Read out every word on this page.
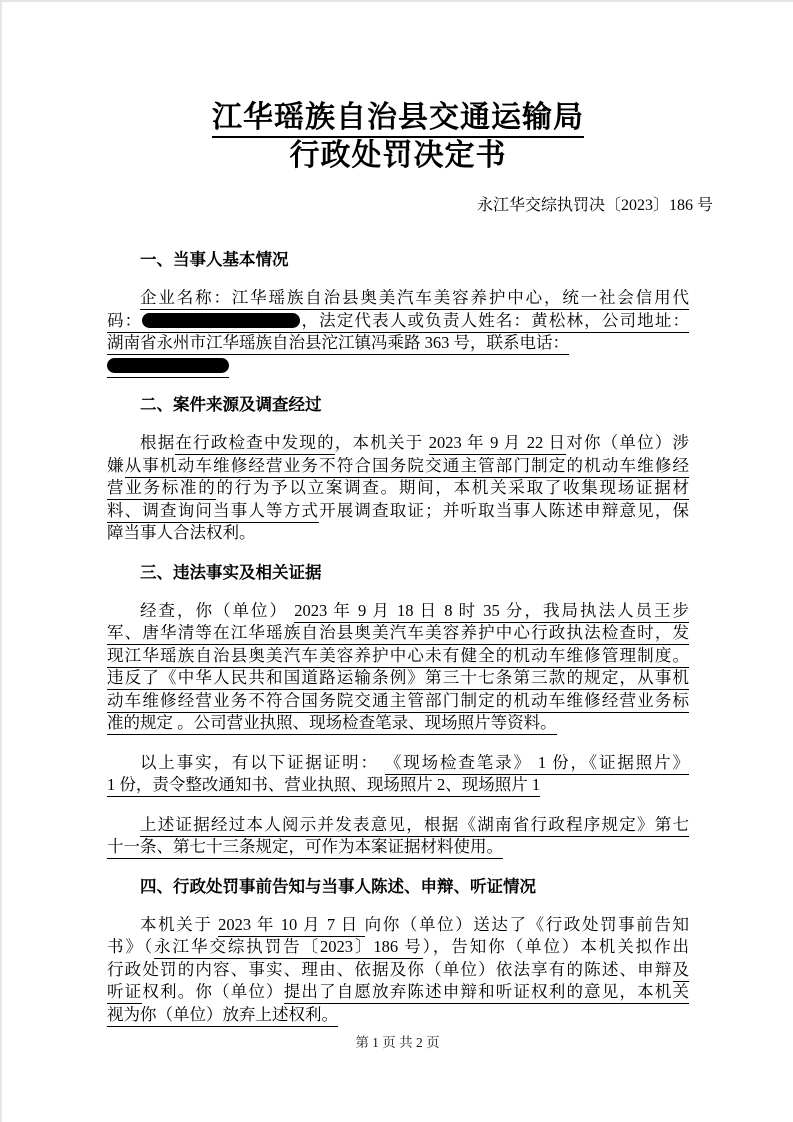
江华瑶族自治县交通运输局
行政处罚决定书
永江华交综执罚决〔2023〕186 号
一、当事人基本情况
企业名称：江华瑶族自治县奥美汽车美容养护中心，统一社会信用代
码：	，法定代表人或负责人姓名：黄松林，公司地址：
湖南省永州市江华瑶族自治县沱江镇冯乘路 363 号，联系电话：
二、案件来源及调查经过
根据在行政检查中发现的，本机关于 2023 年 9 月 22 日对你（单位）涉
嫌从事机动车维修经营业务不符合国务院交通主管部门制定的机动车维修经
营业务标准的的行为予以立案调查。期间，本机关采取了收集现场证据材
料、调查询问当事人等方式开展调查取证；并听取当事人陈述申辩意见，保
障当事人合法权利。
三、违法事实及相关证据
经查，你（单位） 2023 年 9 月 18 日 8 时 35 分，我局执法人员王步
军、唐华清等在江华瑶族自治县奥美汽车美容养护中心行政执法检查时，发
现江华瑶族自治县奥美汽车美容养护中心未有健全的机动车维修管理制度。
违反了《中华人民共和国道路运输条例》第三十七条第三款的规定，从事机
动车维修经营业务不符合国务院交通主管部门制定的机动车维修经营业务标
准的规定 。公司营业执照、现场检查笔录、现场照片等资料。
以上事实，有以下证据证明： 《现场检查笔录》 1 份，《证据照片》
1 份，责令整改通知书、营业执照、现场照片 2、现场照片 1
上述证据经过本人阅示并发表意见，根据《湖南省行政程序规定》第七
十一条、第七十三条规定，可作为本案证据材料使用。
四、行政处罚事前告知与当事人陈述、申辩、听证情况
本机关于 2023 年 10 月 7 日 向你（单位）送达了《行政处罚事前告知
书》（永江华交综执罚告〔2023〕186 号），告知你（单位）本机关拟作出
行政处罚的内容、事实、理由、依据及你（单位）依法享有的陈述、申辩及
听证权利。你（单位）提出了自愿放弃陈述申辩和听证权利的意见，本机关
视为你（单位）放弃上述权利。
第 1 页 共 2 页
